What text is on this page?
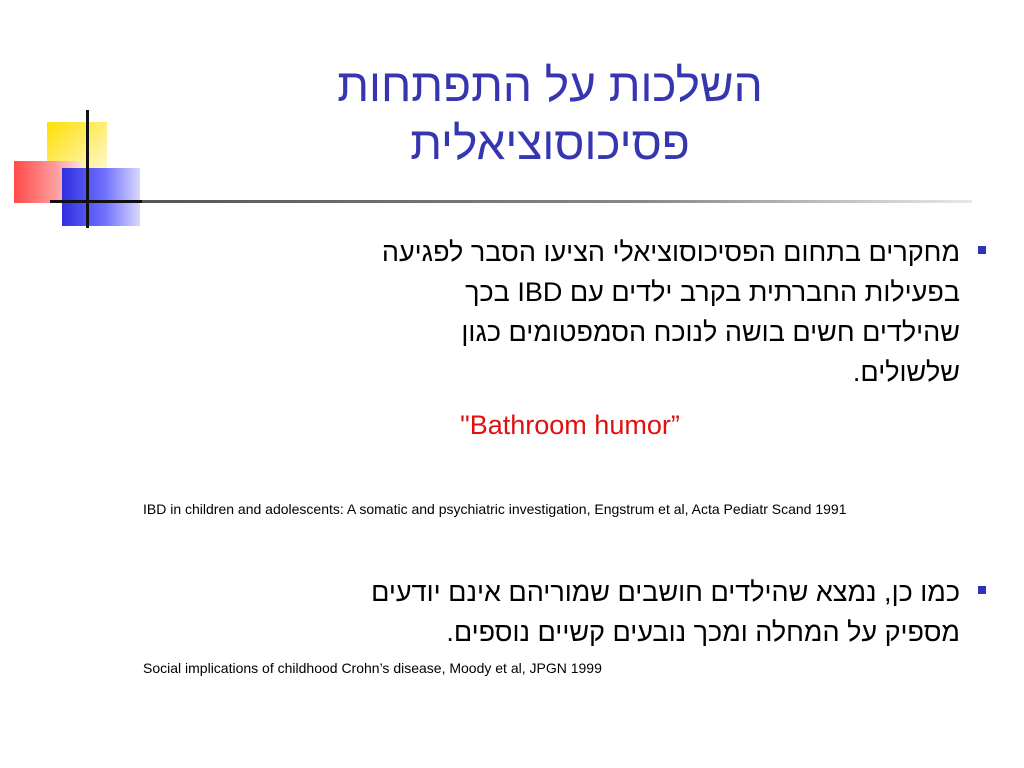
השלכות על התפתחות
פסיכוסוציאלית
מחקרים בתחום הפסיכוסוציאלי הציעו הסבר לפגיעה
בפעילות החברתית בקרב ילדים עם IBD בכך
שהילדים חשים בושה לנוכח הסמפטומים כגון
שלשולים.
"Bathroom humor”
IBD in children and adolescents: A somatic and psychiatric investigation, Engstrum et al, Acta Pediatr Scand 1991
כמו כן, נמצא שהילדים חושבים שמוריהם אינם יודעים
מספיק על המחלה ומכך נובעים קשיים נוספים.
Social implications of childhood Crohn’s disease, Moody et al, JPGN 1999
